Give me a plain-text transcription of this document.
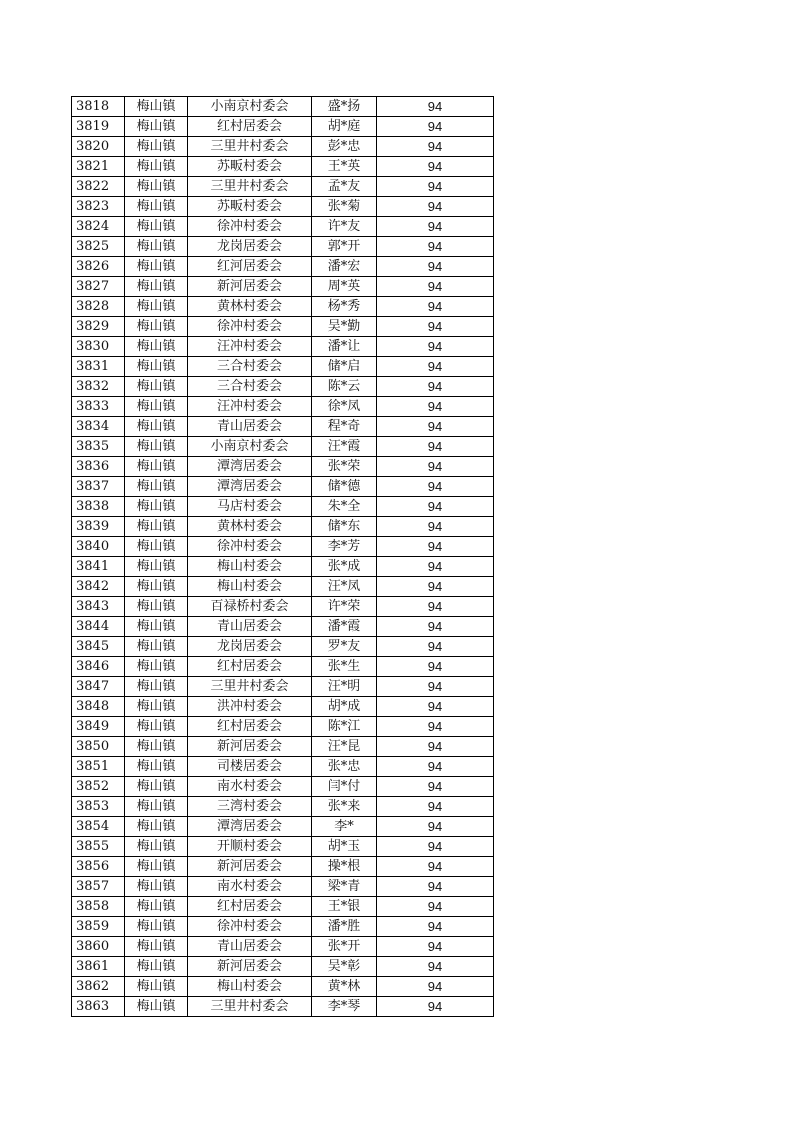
3818	梅山镇	小南京村委会	盛*扬	94
3819	梅山镇	红村居委会	胡*庭	94
3820	梅山镇	三里井村委会	彭*忠	94
3821	梅山镇	苏畈村委会	王*英	94
3822	梅山镇	三里井村委会	孟*友	94
3823	梅山镇	苏畈村委会	张*菊	94
3824	梅山镇	徐冲村委会	许*友	94
3825	梅山镇	龙岗居委会	郭*开	94
3826	梅山镇	红河居委会	潘*宏	94
3827	梅山镇	新河居委会	周*英	94
3828	梅山镇	黄林村委会	杨*秀	94
3829	梅山镇	徐冲村委会	吴*勤	94
3830	梅山镇	汪冲村委会	潘*让	94
3831	梅山镇	三合村委会	储*启	94
3832	梅山镇	三合村委会	陈*云	94
3833	梅山镇	汪冲村委会	徐*凤	94
3834	梅山镇	青山居委会	程*奇	94
3835	梅山镇	小南京村委会	汪*霞	94
3836	梅山镇	潭湾居委会	张*荣	94
3837	梅山镇	潭湾居委会	储*德	94
3838	梅山镇	马店村委会	朱*全	94
3839	梅山镇	黄林村委会	储*东	94
3840	梅山镇	徐冲村委会	李*芳	94
3841	梅山镇	梅山村委会	张*成	94
3842	梅山镇	梅山村委会	汪*凤	94
3843	梅山镇	百禄桥村委会	许*荣	94
3844	梅山镇	青山居委会	潘*霞	94
3845	梅山镇	龙岗居委会	罗*友	94
3846	梅山镇	红村居委会	张*生	94
3847	梅山镇	三里井村委会	汪*明	94
3848	梅山镇	洪冲村委会	胡*成	94
3849	梅山镇	红村居委会	陈*江	94
3850	梅山镇	新河居委会	汪*昆	94
3851	梅山镇	司楼居委会	张*忠	94
3852	梅山镇	南水村委会	闫*付	94
3853	梅山镇	三湾村委会	张*来	94
3854	梅山镇	潭湾居委会	李*	94
3855	梅山镇	开顺村委会	胡*玉	94
3856	梅山镇	新河居委会	操*根	94
3857	梅山镇	南水村委会	梁*青	94
3858	梅山镇	红村居委会	王*银	94
3859	梅山镇	徐冲村委会	潘*胜	94
3860	梅山镇	青山居委会	张*开	94
3861	梅山镇	新河居委会	吴*彰	94
3862	梅山镇	梅山村委会	黄*林	94
3863	梅山镇	三里井村委会	李*琴	94
